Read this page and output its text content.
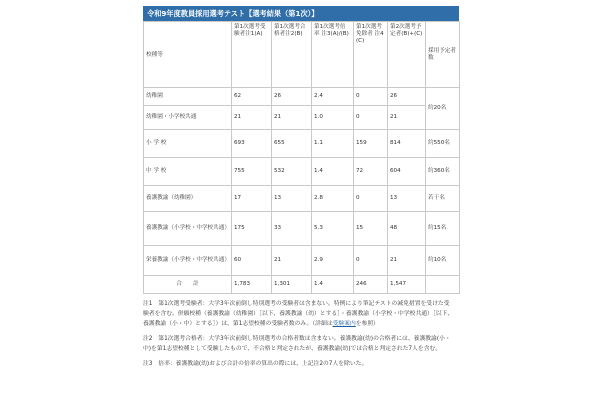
令和9年度教員採用選考テスト【選考結果（第1次）】
校種等	第1次選考受験者注1(A)	第1次選考合格者注2(B)	第1次選考倍率 注3(A)/(B)	第1次選考免除者 注4(C)	第2次選考予定者(B)+(C)	採用予定者数
幼稚園	62	26	2.4	0	26	約20名
幼稚園・小学校共通	21	21	1.0	0	21	
小 学 校	693	655	1.1	159	814	約550名
中 学 校	755	532	1.4	72	604	約360名
養護教諭（幼稚園）	17	13	2.8	0	13	若干名
養護教諭（小学校・中学校共通）	175	33	5.3	15	48	約15名
栄養教諭（小学校・中学校共通）	60	21	2.9	0	21	約10名
合　　計	1,783	1,301	1.4	246	1,547	

注1　第1次選考受験者：大学3年次前倒し特別選考の受験者は含まない。特例により筆記テストの減免措置を受けた受験者を含む。併願校種（養護教諭（幼稚園）［以下、養護教諭（幼）とする］・養護教諭（小学校・中学校共通）［以下、養護教諭（小・中）とする］）は、第1志望校種の受験者数のみ。（詳細は受験案内を参照）

注2　第1次選考合格者：大学3年次前倒し特別選考の合格者数は含まない。養護教諭(幼)の合格者には、養護教諭(小・中)を第1志望校種として受験したもので、不合格と判定されたが、養護教諭(幼)では合格と判定された7人を含む。

注3　倍率：養護教諭(幼)および合計の倍率の算出の際には、上記注2の7人を除いた。
